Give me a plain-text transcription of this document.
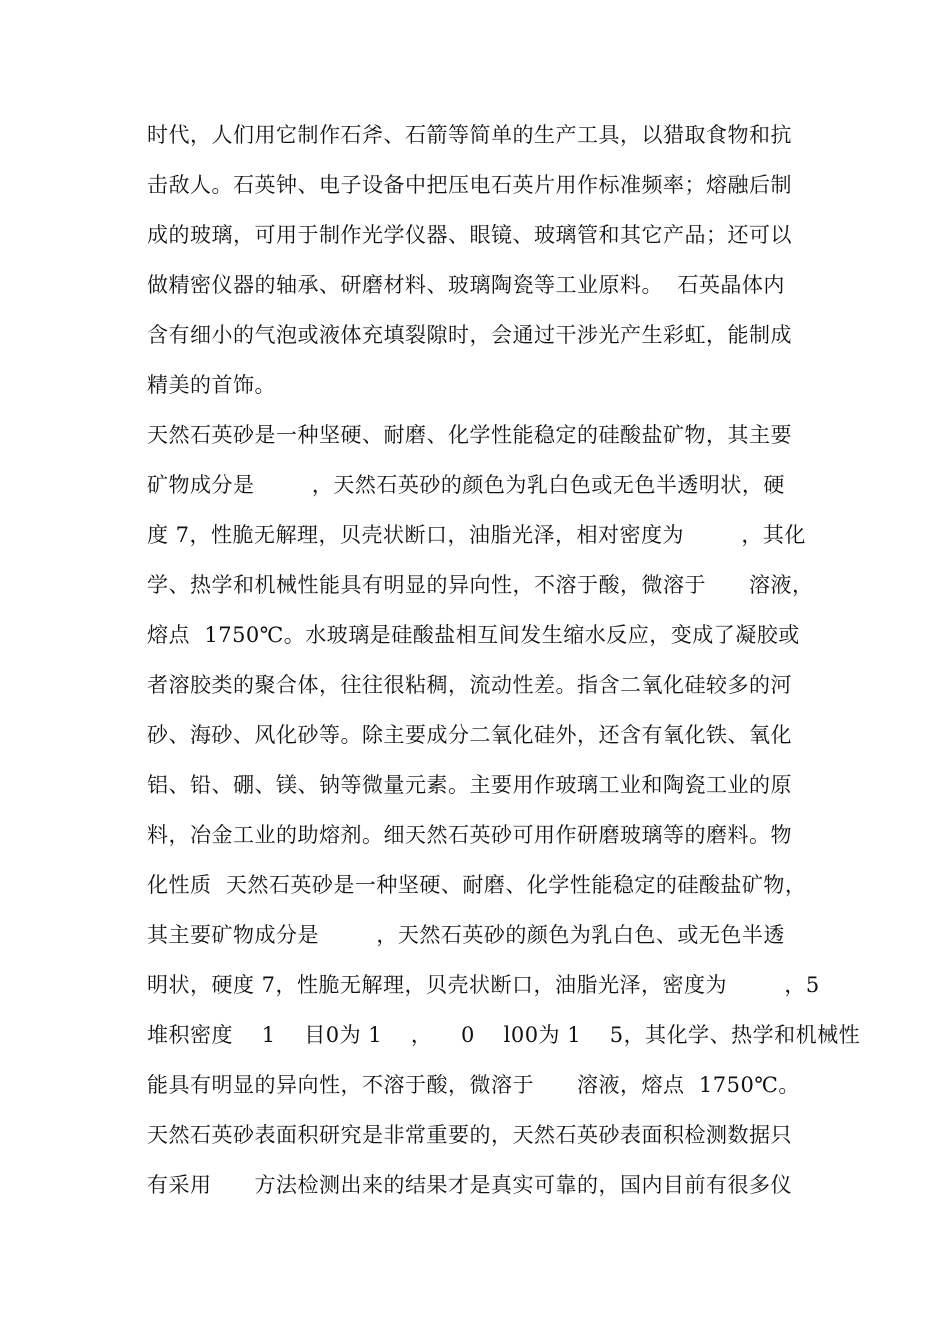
时代，人们用它制作石斧、石箭等简单的生产工具，以猎取食物和抗
击敌人。石英钟、电子设备中把压电石英片用作标准频率；熔融后制
成的玻璃，可用于制作光学仪器、眼镜、玻璃管和其它产品；还可以
做精密仪器的轴承、研磨材料、玻璃陶瓷等工业原料。  石英晶体内
含有细小的气泡或液体充填裂隙时，会通过干涉光产生彩虹，能制成
精美的首饰。
天然石英砂是一种坚硬、耐磨、化学性能稳定的硅酸盐矿物，其主要
矿物成分是        ，天然石英砂的颜色为乳白色或无色半透明状，硬
度 7，性脆无解理，贝壳状断口，油脂光泽，相对密度为        ，其化
学、热学和机械性能具有明显的异向性，不溶于酸，微溶于      溶液，
熔点  1750℃。水玻璃是硅酸盐相互间发生缩水反应，变成了凝胶或
者溶胶类的聚合体，往往很粘稠，流动性差。指含二氧化硅较多的河
砂、海砂、风化砂等。除主要成分二氧化硅外，还含有氧化铁、氧化
铝、铅、硼、镁、钠等微量元素。主要用作玻璃工业和陶瓷工业的原
料，冶金工业的助熔剂。细天然石英砂可用作研磨玻璃等的磨料。物
化性质  天然石英砂是一种坚硬、耐磨、化学性能稳定的硅酸盐矿物，
其主要矿物成分是        ，天然石英砂的颜色为乳白色、或无色半透
明状，硬度 7，性脆无解理，贝壳状断口，油脂光泽，密度为        ，5
堆积密度    1    目0为 1    ，    0    l00为 1    5，其化学、热学和机械性
能具有明显的异向性，不溶于酸，微溶于      溶液，熔点  1750℃。
天然石英砂表面积研究是非常重要的，天然石英砂表面积检测数据只
有采用      方法检测出来的结果才是真实可靠的，国内目前有很多仪
